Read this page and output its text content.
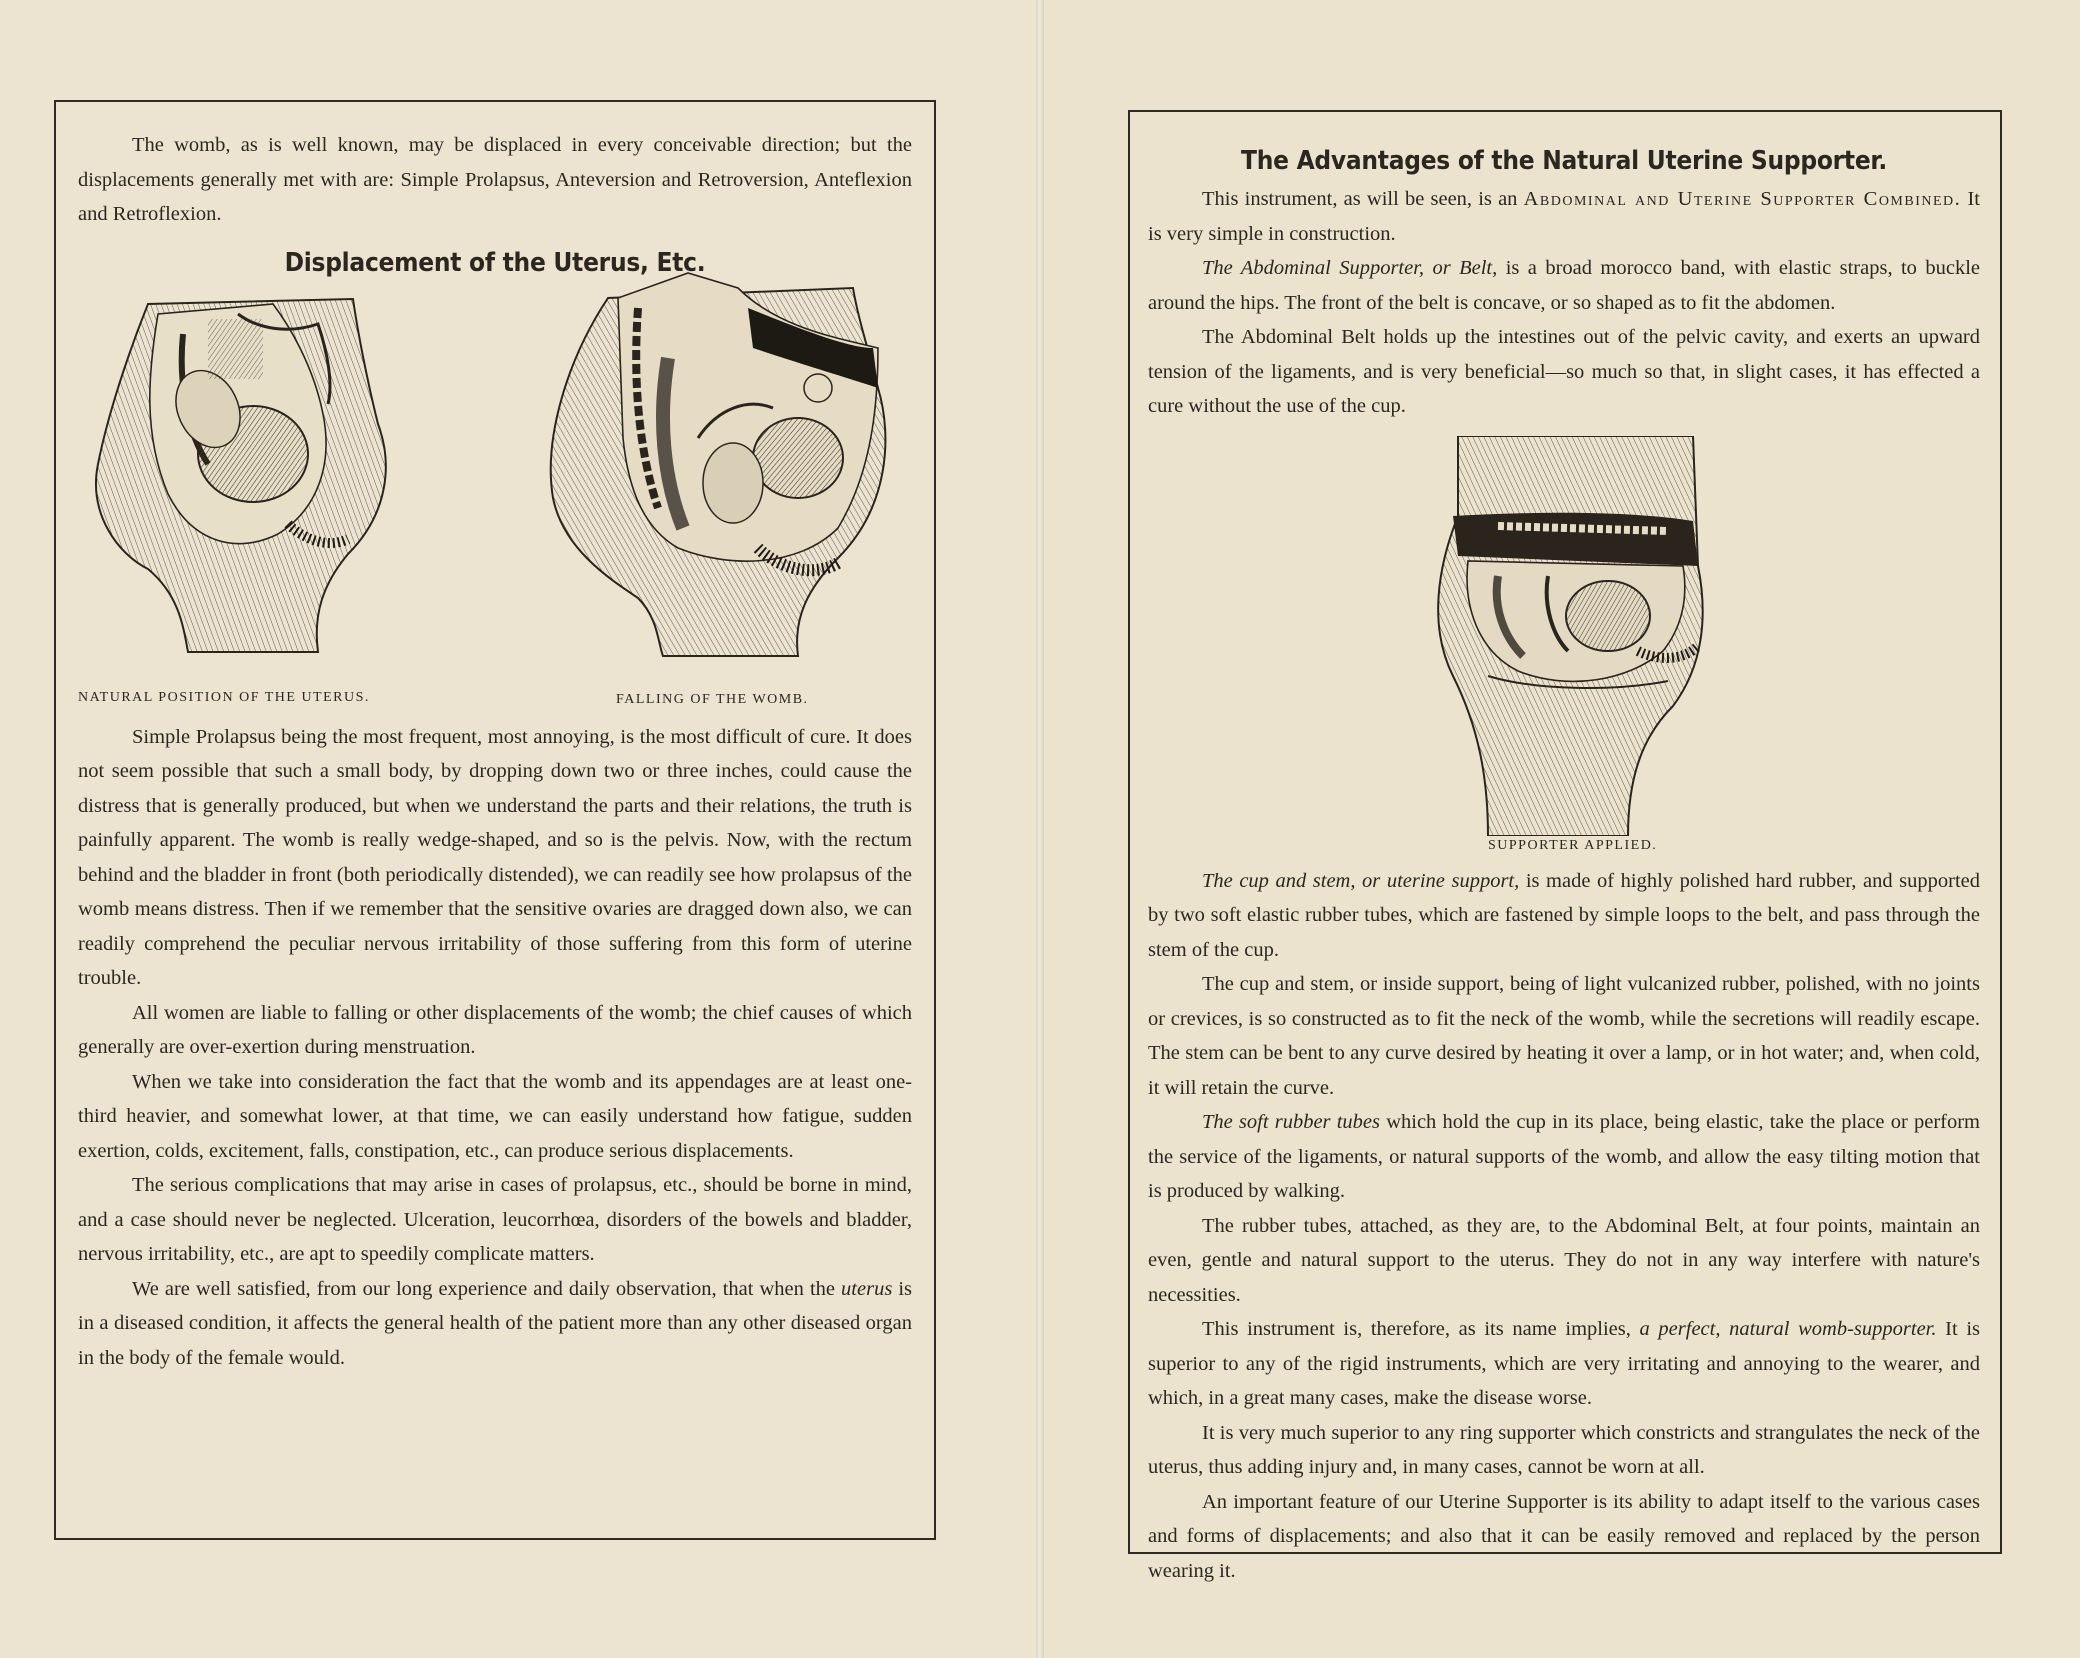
The womb, as is well known, may be displaced in every conceivable direction; but the displacements generally met with are: Simple Prolapsus, Anteversion and Retroversion, Anteflexion and Retroflexion.

Displacement of the Uterus, Etc.
NATURAL POSITION OF THE UTERUS.	FALLING OF THE WOMB.

Simple Prolapsus being the most frequent, most annoying, is the most difficult of cure. It does not seem possible that such a small body, by dropping down two or three inches, could cause the distress that is generally produced, but when we understand the parts and their relations, the truth is painfully apparent. The womb is really wedge-shaped, and so is the pelvis. Now, with the rectum behind and the bladder in front (both periodically distended), we can readily see how prolapsus of the womb means distress. Then if we remember that the sensitive ovaries are dragged down also, we can readily comprehend the peculiar nervous irritability of those suffering from this form of uterine trouble.

All women are liable to falling or other displacements of the womb; the chief causes of which generally are over-exertion during menstruation.

When we take into consideration the fact that the womb and its appendages are at least one-third heavier, and somewhat lower, at that time, we can easily understand how fatigue, sudden exertion, colds, excitement, falls, constipation, etc., can produce serious displacements.

The serious complications that may arise in cases of prolapsus, etc., should be borne in mind, and a case should never be neglected. Ulceration, leucorrhœa, disorders of the bowels and bladder, nervous irritability, etc., are apt to speedily complicate matters.

We are well satisfied, from our long experience and daily observation, that when the uterus is in a diseased condition, it affects the general health of the patient more than any other diseased organ in the body of the female would.

The Advantages of the Natural Uterine Supporter.

This instrument, as will be seen, is an Abdominal and Uterine Supporter Combined. It is very simple in construction.

The Abdominal Supporter, or Belt, is a broad morocco band, with elastic straps, to buckle around the hips. The front of the belt is concave, or so shaped as to fit the abdomen.

The Abdominal Belt holds up the intestines out of the pelvic cavity, and exerts an upward tension of the ligaments, and is very beneficial—so much so that, in slight cases, it has effected a cure without the use of the cup.

SUPPORTER APPLIED.

The cup and stem, or uterine support, is made of highly polished hard rubber, and supported by two soft elastic rubber tubes, which are fastened by simple loops to the belt, and pass through the stem of the cup.

The cup and stem, or inside support, being of light vulcanized rubber, polished, with no joints or crevices, is so constructed as to fit the neck of the womb, while the secretions will readily escape. The stem can be bent to any curve desired by heating it over a lamp, or in hot water; and, when cold, it will retain the curve.

The soft rubber tubes which hold the cup in its place, being elastic, take the place or perform the service of the ligaments, or natural supports of the womb, and allow the easy tilting motion that is produced by walking.

The rubber tubes, attached, as they are, to the Abdominal Belt, at four points, maintain an even, gentle and natural support to the uterus. They do not in any way interfere with nature's necessities.

This instrument is, therefore, as its name implies, a perfect, natural womb-supporter. It is superior to any of the rigid instruments, which are very irritating and annoying to the wearer, and which, in a great many cases, make the disease worse.

It is very much superior to any ring supporter which constricts and strangulates the neck of the uterus, thus adding injury and, in many cases, cannot be worn at all.

An important feature of our Uterine Supporter is its ability to adapt itself to the various cases and forms of displacements; and also that it can be easily removed and replaced by the person wearing it.
